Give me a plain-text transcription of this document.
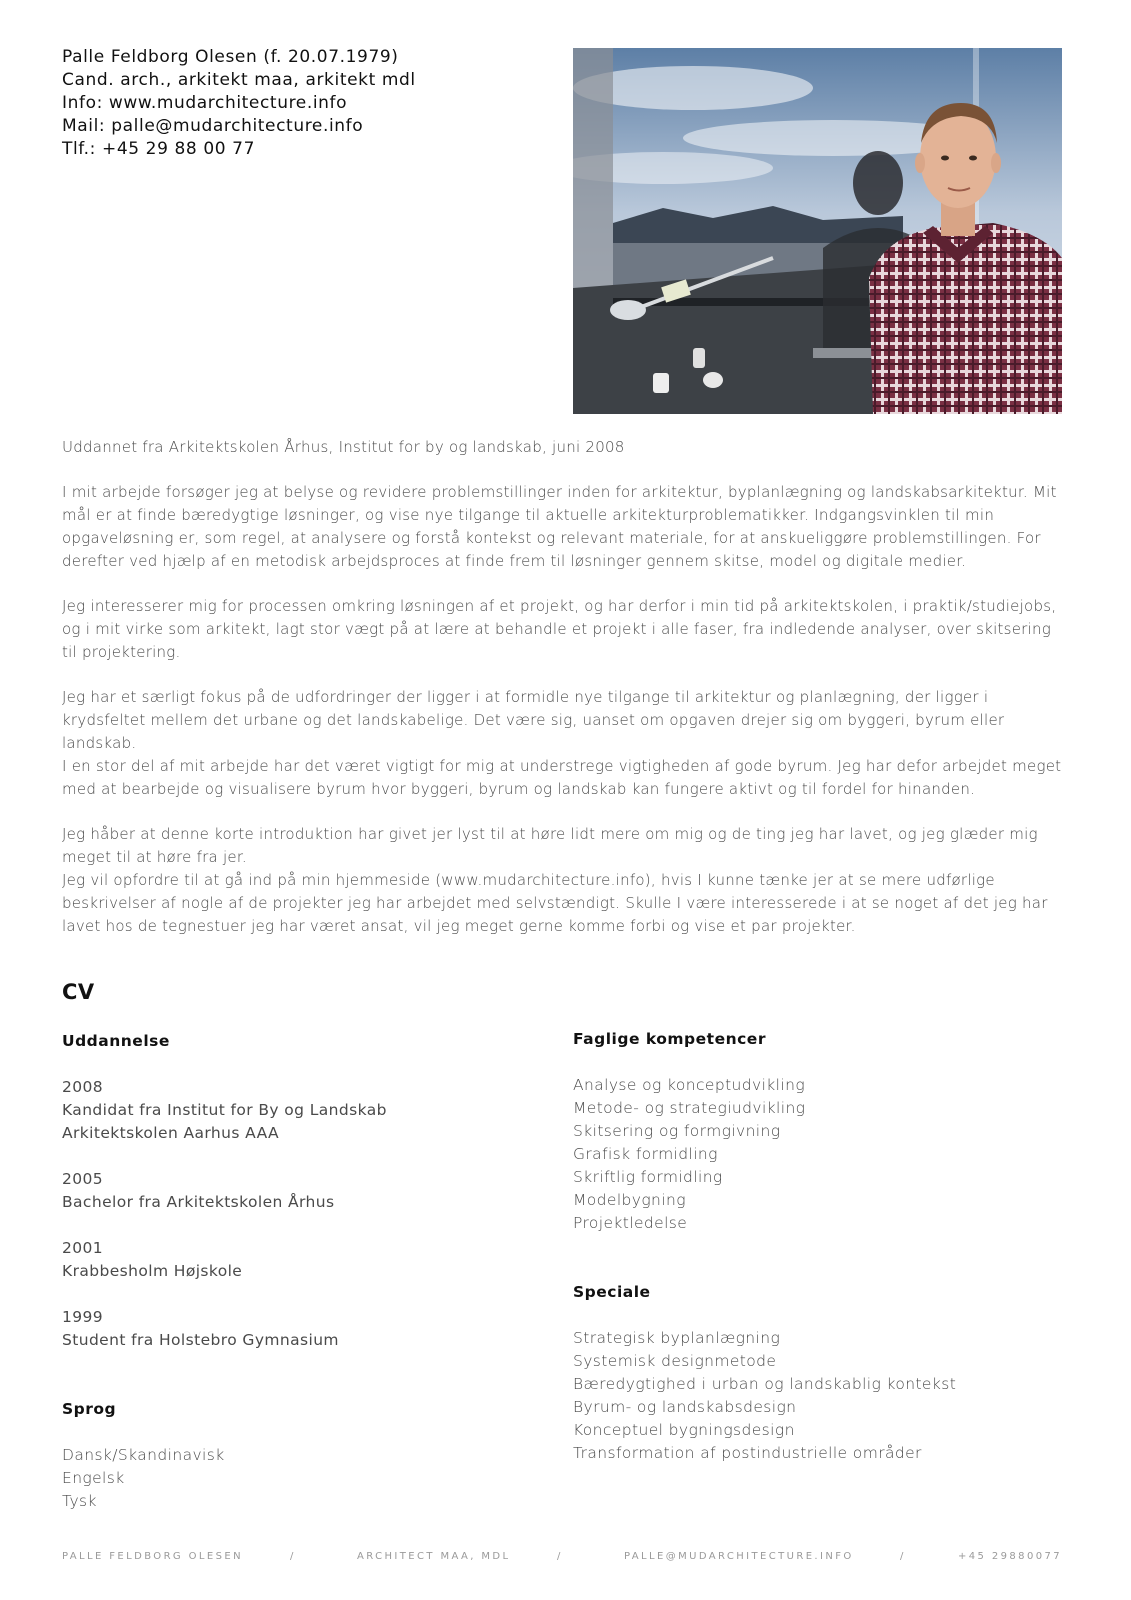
Palle Feldborg Olesen (f. 20.07.1979)
Cand. arch., arkitekt maa, arkitekt mdl
Info: www.mudarchitecture.info
Mail: palle@mudarchitecture.info
Tlf.: +45 29 88 00 77

Uddannet fra Arkitektskolen Århus, Institut for by og landskab, juni 2008

I mit arbejde forsøger jeg at belyse og revidere problemstillinger inden for arkitektur, byplanlægning og landskabsarkitektur. Mit mål er at finde bæredygtige løsninger, og vise nye tilgange til aktuelle arkitekturproblematikker. Indgangsvinklen til min opgaveløsning er, som regel, at analysere og forstå kontekst og relevant materiale, for at anskueliggøre problemstillingen. For derefter ved hjælp af en metodisk arbejdsproces at finde frem til løsninger gennem skitse, model og digitale medier.

Jeg interesserer mig for processen omkring løsningen af et projekt, og har derfor i min tid på arkitektskolen, i praktik/studiejobs, og i mit virke som arkitekt, lagt stor vægt på at lære at behandle et projekt i alle faser, fra indledende analyser, over skitsering til projektering.

Jeg har et særligt fokus på de udfordringer der ligger i at formidle nye tilgange til arkitektur og planlægning, der ligger i krydsfeltet mellem det urbane og det landskabelige. Det være sig, uanset om opgaven drejer sig om byggeri, byrum eller landskab.
I en stor del af mit arbejde har det været vigtigt for mig at understrege vigtigheden af gode byrum. Jeg har defor arbejdet meget med at bearbejde og visualisere byrum hvor byggeri, byrum og landskab kan fungere aktivt og til fordel for hinanden.

Jeg håber at denne korte introduktion har givet jer lyst til at høre lidt mere om mig og de ting jeg har lavet, og jeg glæder mig meget til at høre fra jer.
Jeg vil opfordre til at gå ind på min hjemmeside (www.mudarchitecture.info), hvis I kunne tænke jer at se mere udførlige beskrivelser af nogle af de projekter jeg har arbejdet med selvstændigt. Skulle I være interesserede i at se noget af det jeg har lavet hos de tegnestuer jeg har været ansat, vil jeg meget gerne komme forbi og vise et par projekter.

CV
Uddannelse
2008
Kandidat fra Institut for By og Landskab
Arkitektskolen Aarhus AAA
2005
Bachelor fra Arkitektskolen Århus
2001
Krabbesholm Højskole
1999
Student fra Holstebro Gymnasium
Sprog
Dansk/Skandinavisk
Engelsk
Tysk
Faglige kompetencer
Analyse og konceptudvikling
Metode- og strategiudvikling
Skitsering og formgivning
Grafisk formidling
Skriftlig formidling
Modelbygning
Projektledelse
Speciale
Strategisk byplanlægning
Systemisk designmetode
Bæredygtighed i urban og landskablig kontekst
Byrum- og landskabsdesign
Konceptuel bygningsdesign
Transformation af postindustrielle områder
PALLE FELDBORG OLESEN	/	ARCHITECT MAA, MDL	/	PALLE@MUDARCHITECTURE.INFO	/	+45 29880077
